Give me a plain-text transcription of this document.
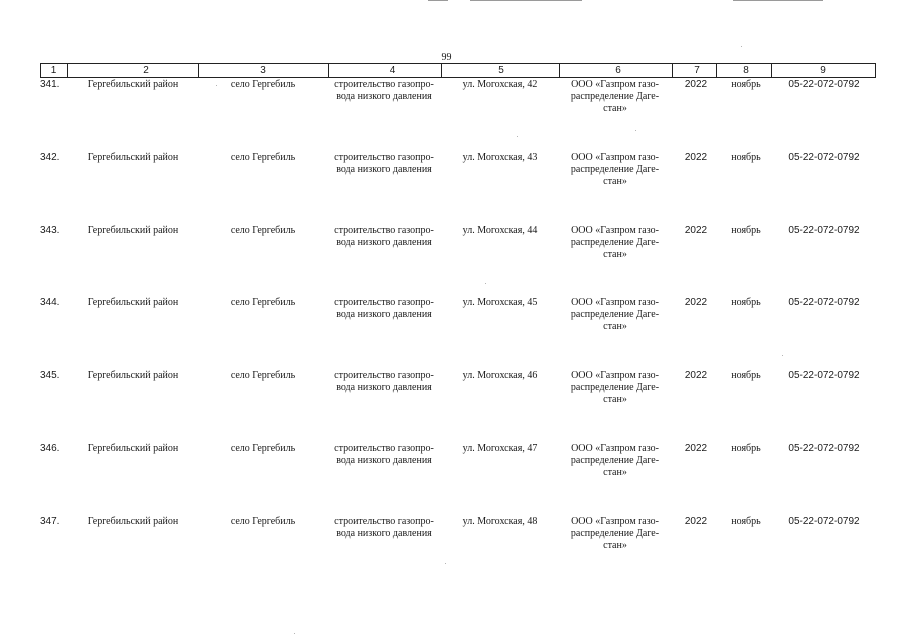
99
1	2	3	4	5	6	7	8	9
341.	Гергебильский район	село Гергебиль	строительство газопро-
вода низкого давления
ул. Могохская, 42	ООО «Газпром газо-
распределение Даге-
стан»
2022	ноябрь	05-22-072-0792
342.	Гергебильский район	село Гергебиль	строительство газопро-
вода низкого давления
ул. Могохская, 43	ООО «Газпром газо-
распределение Даге-
стан»
2022	ноябрь	05-22-072-0792
343.	Гергебильский район	село Гергебиль	строительство газопро-
вода низкого давления
ул. Могохская, 44	ООО «Газпром газо-
распределение Даге-
стан»
2022	ноябрь	05-22-072-0792
344.	Гергебильский район	село Гергебиль	строительство газопро-
вода низкого давления
ул. Могохская, 45	ООО «Газпром газо-
распределение Даге-
стан»
2022	ноябрь	05-22-072-0792
345.	Гергебильский район	село Гергебиль	строительство газопро-
вода низкого давления
ул. Могохская, 46	ООО «Газпром газо-
распределение Даге-
стан»
2022	ноябрь	05-22-072-0792
346.	Гергебильский район	село Гергебиль	строительство газопро-
вода низкого давления
ул. Могохская, 47	ООО «Газпром газо-
распределение Даге-
стан»
2022	ноябрь	05-22-072-0792
347.	Гергебильский район	село Гергебиль	строительство газопро-
вода низкого давления
ул. Могохская, 48	ООО «Газпром газо-
распределение Даге-
стан»
2022	ноябрь	05-22-072-0792
